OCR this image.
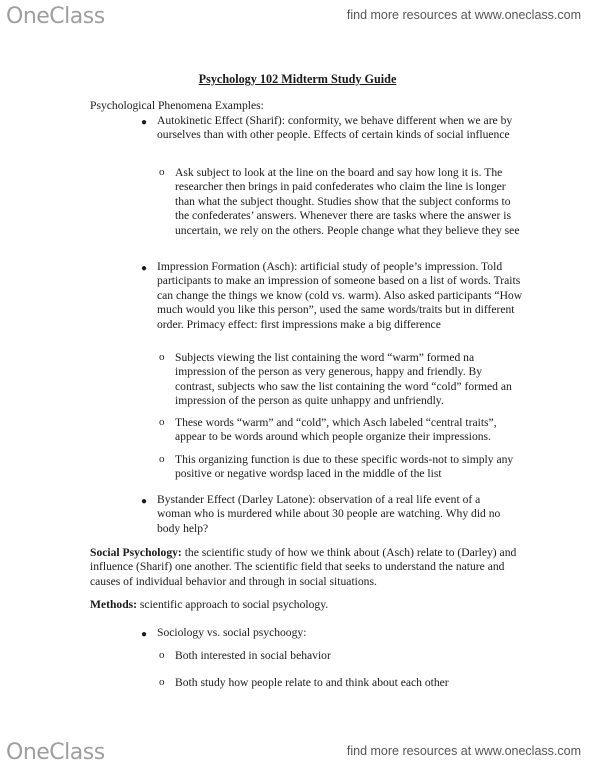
OneClass	find more resources at www.oneclass.com
Psychology 102 Midterm Study Guide
Psychological Phenomena Examples:
● Autokinetic Effect (Sharif): conformity, we behave different when we are by ourselves than with other people. Effects of certain kinds of social influence
o Ask subject to look at the line on the board and say how long it is. The researcher then brings in paid confederates who claim the line is longer than what the subject thought. Studies show that the subject conforms to the confederates’ answers. Whenever there are tasks where the answer is uncertain, we rely on the others. People change what they believe they see
● Impression Formation (Asch): artificial study of people’s impression. Told participants to make an impression of someone based on a list of words. Traits can change the things we know (cold vs. warm). Also asked participants “How much would you like this person”, used the same words/traits but in different order. Primacy effect: first impressions make a big difference
o Subjects viewing the list containing the word “warm” formed na impression of the person as very generous, happy and friendly. By contrast, subjects who saw the list containing the word “cold” formed an impression of the person as quite unhappy and unfriendly.
o These words “warm” and “cold”, which Asch labeled “central traits”, appear to be words around which people organize their impressions.
o This organizing function is due to these specific words-not to simply any positive or negative wordsp laced in the middle of the list
● Bystander Effect (Darley Latone): observation of a real life event of a woman who is murdered while about 30 people are watching. Why did no body help?
Social Psychology: the scientific study of how we think about (Asch) relate to (Darley) and influence (Sharif) one another. The scientific field that seeks to understand the nature and causes of individual behavior and through in social situations.
Methods: scientific approach to social psychology.
● Sociology vs. social psychoogy:
o Both interested in social behavior
o Both study how people relate to and think about each other
OneClass	find more resources at www.oneclass.com
